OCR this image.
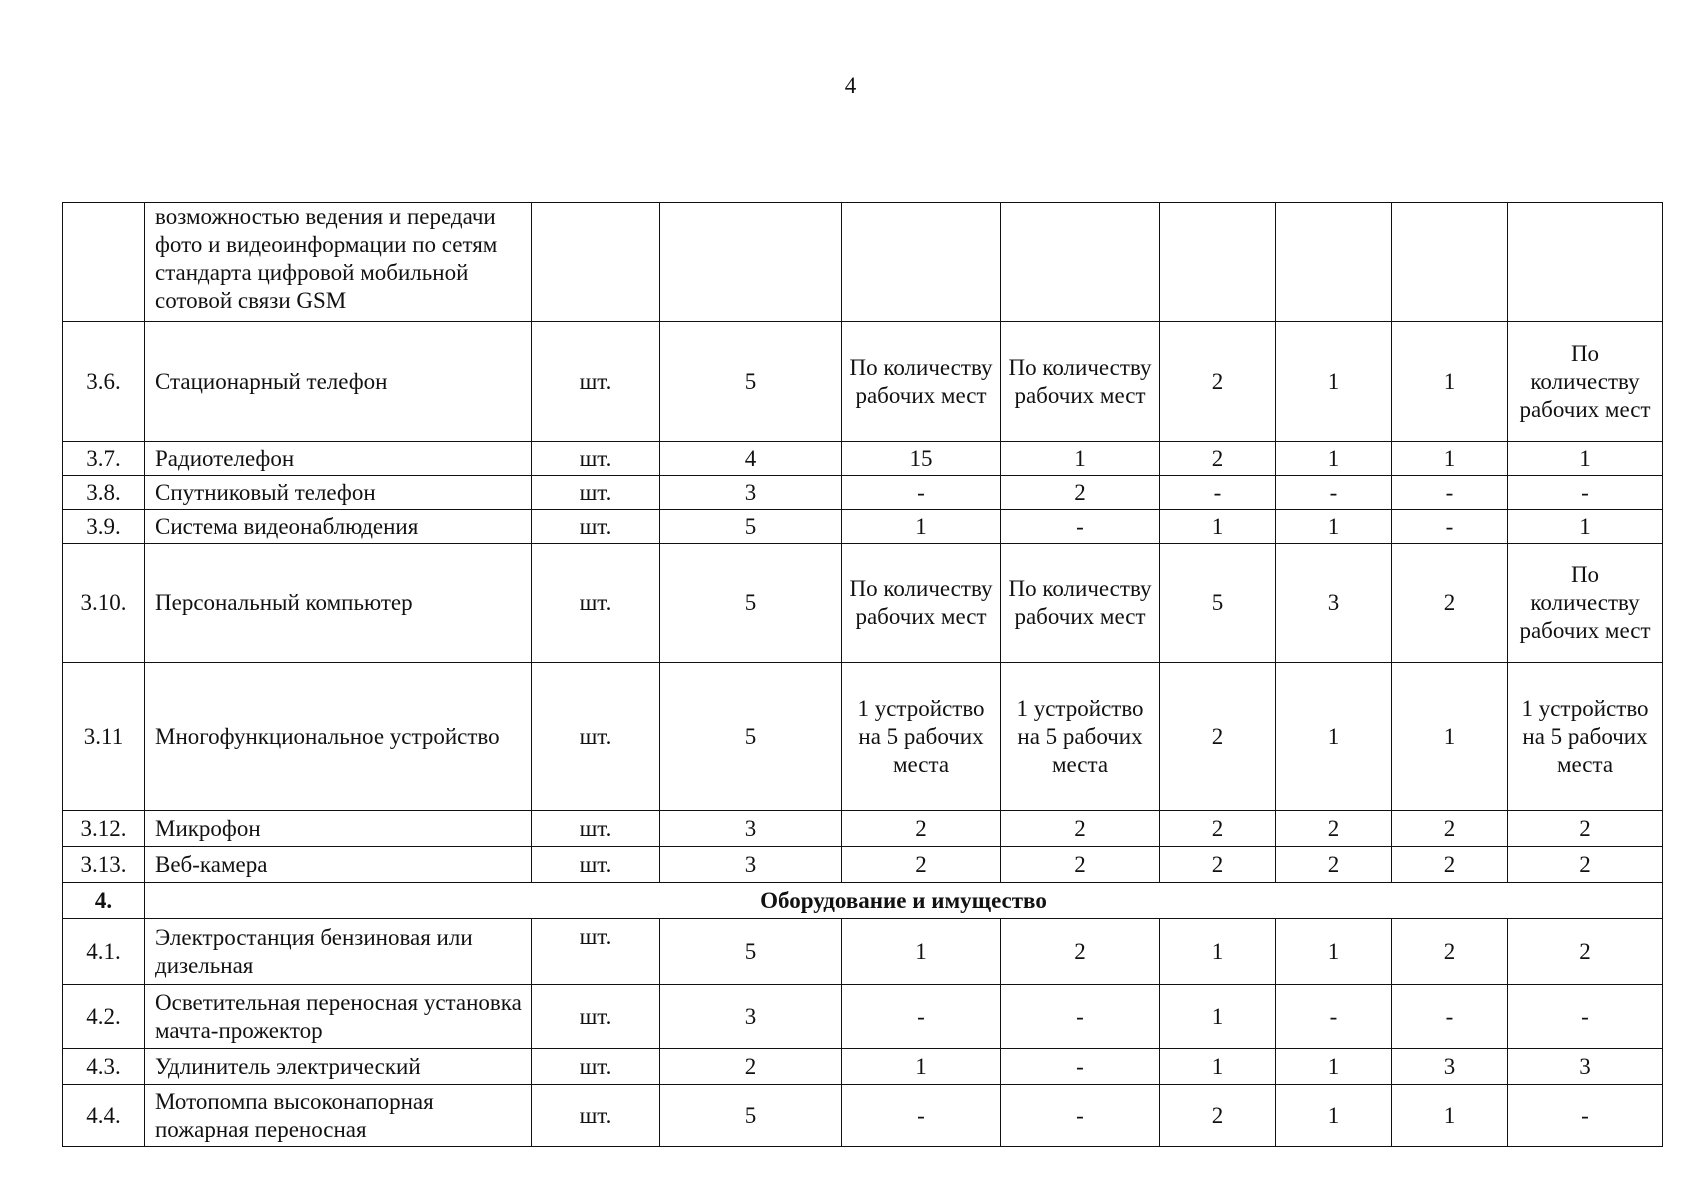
4
	возможностью ведения и передачи фото и видеоинформации по сетям стандарта цифровой мобильной сотовой связи GSM								
3.6.	Стационарный телефон	шт.	5	По количеству рабочих мест	По количеству рабочих мест	2	1	1	По количеству рабочих мест
3.7.	Радиотелефон	шт.	4	15	1	2	1	1	1
3.8.	Спутниковый телефон	шт.	3	-	2	-	-	-	-
3.9.	Система видеонаблюдения	шт.	5	1	-	1	1	-	1
3.10.	Персональный компьютер	шт.	5	По количеству рабочих мест	По количеству рабочих мест	5	3	2	По количеству рабочих мест
3.11	Многофункциональное устройство	шт.	5	1 устройство на 5 рабочих места	1 устройство на 5 рабочих места	2	1	1	1 устройство на 5 рабочих места
3.12.	Микрофон	шт.	3	2	2	2	2	2	2
3.13.	Веб-камера	шт.	3	2	2	2	2	2	2
4.	Оборудование и имущество								
4.1.	Электростанция бензиновая или дизельная	шт.	5	1	2	1	1	2	2
4.2.	Осветительная переносная установка мачта-прожектор	шт.	3	-	-	1	-	-	-
4.3.	Удлинитель электрический	шт.	2	1	-	1	1	3	3
4.4.	Мотопомпа высоконапорная пожарная переносная	шт.	5	-	-	2	1	1	-
